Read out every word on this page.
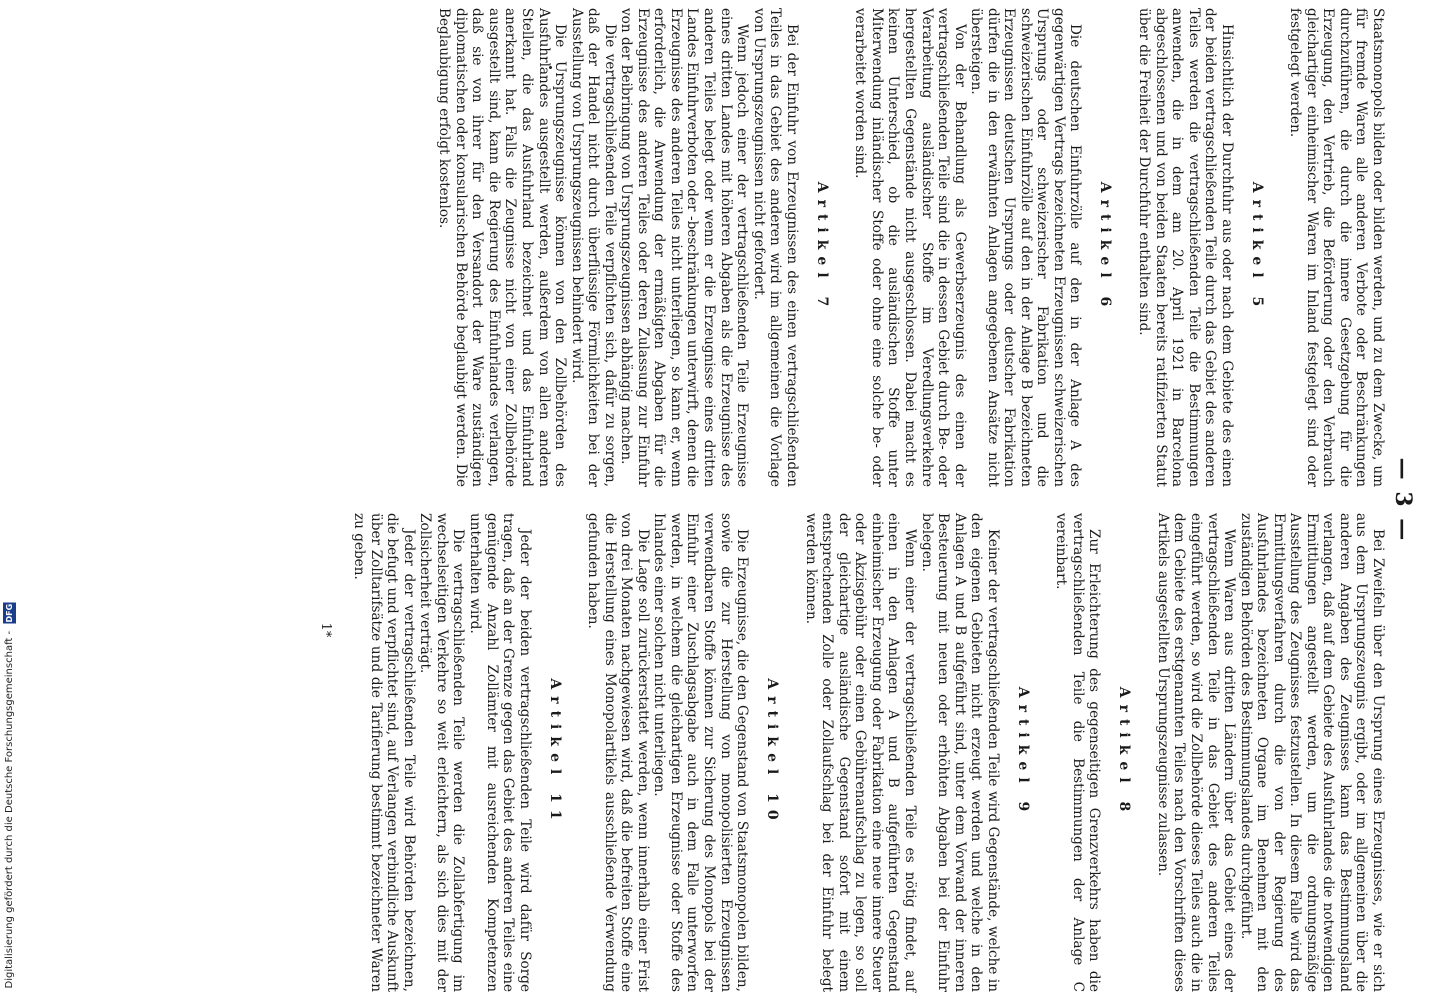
Digitalisierung gefördert durch die Deutsche Forschungsgemeinschaft - DFG
— 3 —

Staatsmonopols bilden oder bilden werden, und zu dem Zwecke, um für fremde Waren alle anderen Verbote oder Beschränkungen durchzuführen, die durch die innere Gesetzgebung für die Erzeugung, den Vertrieb, die Beförderung oder den Verbrauch gleichartiger einheimischer Waren im Inland festgelegt sind oder festgelegt werden.

Artikel 5

Hinsichtlich der Durchfuhr aus oder nach dem Gebiete des einen der beiden vertragschließenden Teile durch das Gebiet des anderen Teiles werden die vertragschließenden Teile die Bestimmungen anwenden, die in dem am 20. April 1921 in Barcelona abgeschlossenen und von beiden Staaten bereits ratifizierten Statut über die Freiheit der Durchfuhr enthalten sind.

Artikel 6

Die deutschen Einfuhrzölle auf den in der Anlage A des gegenwärtigen Vertrags bezeichneten Erzeugnissen schweizerischen Ursprungs oder schweizerischer Fabrikation und die schweizerischen Einfuhrzölle auf den in der Anlage B bezeichneten Erzeugnissen deutschen Ursprungs oder deutscher Fabrikation dürfen die in den erwähnten Anlagen angegebenen Ansätze nicht übersteigen.

Von der Behandlung als Gewerbserzeugnis des einen der vertragschließenden Teile sind die in dessen Gebiet durch Be- oder Verarbeitung ausländischer Stoffe im Veredlungsverkehre hergestellten Gegenstände nicht ausgeschlossen. Dabei macht es keinen Unterschied, ob die ausländischen Stoffe unter Miterwendung inländischer Stoffe oder ohne eine solche be- oder verarbeitet worden sind.

Artikel 7

Bei der Einfuhr von Erzeugnissen des einen vertragschließenden Teiles in das Gebiet des anderen wird im allgemeinen die Vorlage von Ursprungszeugnissen nicht gefordert.

Wenn jedoch einer der vertragschließenden Teile Erzeugnisse eines dritten Landes mit höheren Abgaben als die Erzeugnisse des anderen Teiles belegt oder wenn er die Erzeugnisse eines dritten Landes Einfuhrverboten oder -beschränkungen unterwirft, denen die Erzeugnisse des anderen Teiles nicht unterliegen, so kann er, wenn erforderlich, die Anwendung der ermäßigten Abgaben für die Erzeugnisse des anderen Teiles oder deren Zulassung zur Einfuhr von der Beibringung von Ursprungszeugnissen abhängig machen.

Die vertragschließenden Teile verpflichten sich, dafür zu sorgen, daß der Handel nicht durch überflüssige Förmlichkeiten bei der Ausstellung von Ursprungszeugnissen behindert wird.

Die Ursprungszeugnisse können von den Zollbehörden des Ausfuhrlandes ausgestellt werden, außerdem von allen anderen Stellen, die das Ausfuhrland bezeichnet und das Einfuhrland anerkannt hat. Falls die Zeugnisse nicht von einer Zollbehörde ausgestellt sind, kann die Regierung des Einfuhrlandes verlangen, daß sie von ihrer für den Versandort der Ware zuständigen diplomatischen oder konsularischen Behörde beglaubigt werden. Die Beglaubigung erfolgt kostenlos.

Bei Zweifeln über den Ursprung eines Erzeugnisses, wie er sich aus dem Ursprungszeugnis ergibt, oder im allgemeinen über die anderen Angaben des Zeugnisses kann das Bestimmungsland verlangen, daß auf dem Gebiete des Ausfuhrlandes die notwendigen Ermittlungen angestellt werden, um die ordnungsmäßige Ausstellung des Zeugnisses festzustellen. In diesem Falle wird das Ermittlungsverfahren durch die von der Regierung des Ausfuhrlandes bezeichneten Organe im Benehmen mit den zuständigen Behörden des Bestimmungslandes durchgeführt.

Wenn Waren aus dritten Ländern über das Gebiet eines der vertragschließenden Teile in das Gebiet des anderen Teiles eingeführt werden, so wird die Zollbehörde dieses Teiles auch die in dem Gebiete des erstgenannten Teiles nach den Vorschriften dieses Artikels ausgestellten Ursprungszeugnisse zulassen.

Artikel 8

Zur Erleichterung des gegenseitigen Grenzverkehrs haben die vertragschließenden Teile die Bestimmungen der Anlage C vereinbart.

Artikel 9

Keiner der vertragschließenden Teile wird Gegenstände, welche in den eigenen Gebieten nicht erzeugt werden und welche in den Anlagen A und B aufgeführt sind, unter dem Vorwand der inneren Besteuerung mit neuen oder erhöhten Abgaben bei der Einfuhr belegen.

Wenn einer der vertragschließenden Teile es nötig findet, auf einen in den Anlagen A und B aufgeführten Gegenstand einheimischer Erzeugung oder Fabrikation eine neue innere Steuer oder Akzisgebühr oder einen Gebührenaufschlag zu legen, so soll der gleichartige ausländische Gegenstand sofort mit einem entsprechenden Zolle oder Zollaufschlag bei der Einfuhr belegt werden können.

Artikel 10

Die Erzeugnisse, die den Gegenstand von Staatsmonopolen bilden, sowie die zur Herstellung von monopolisierten Erzeugnissen verwendbaren Stoffe können zur Sicherung des Monopols bei der Einfuhr einer Zuschlagsabgabe auch in dem Falle unterworfen werden, in welchem die gleichartigen Erzeugnisse oder Stoffe des Inlandes einer solchen nicht unterliegen.

Die Lage soll zurückerstattet werden, wenn innerhalb einer Frist von drei Monaten nachgewiesen wird, daß die befreiten Stoffe eine die Herstellung eines Monopolartikels ausschließende Verwendung gefunden haben.

Artikel 11

Jeder der beiden vertragschließenden Teile wird dafür Sorge tragen, daß an der Grenze gegen das Gebiet des anderen Teiles eine genügende Anzahl Zollämter mit ausreichenden Kompetenzen unterhalten wird.

Die vertragschließenden Teile werden die Zollabfertigung im wechselseitigen Verkehre so weit erleichtern, als sich dies mit der Zollsicherheit verträgt.

Jeder der vertragschließenden Teile wird Behörden bezeichnen, die befugt und verpflichtet sind, auf Verlangen verbindliche Auskunft über Zolltarifsätze und die Tarifierung bestimmt bezeichneter Waren zu geben.

1*
